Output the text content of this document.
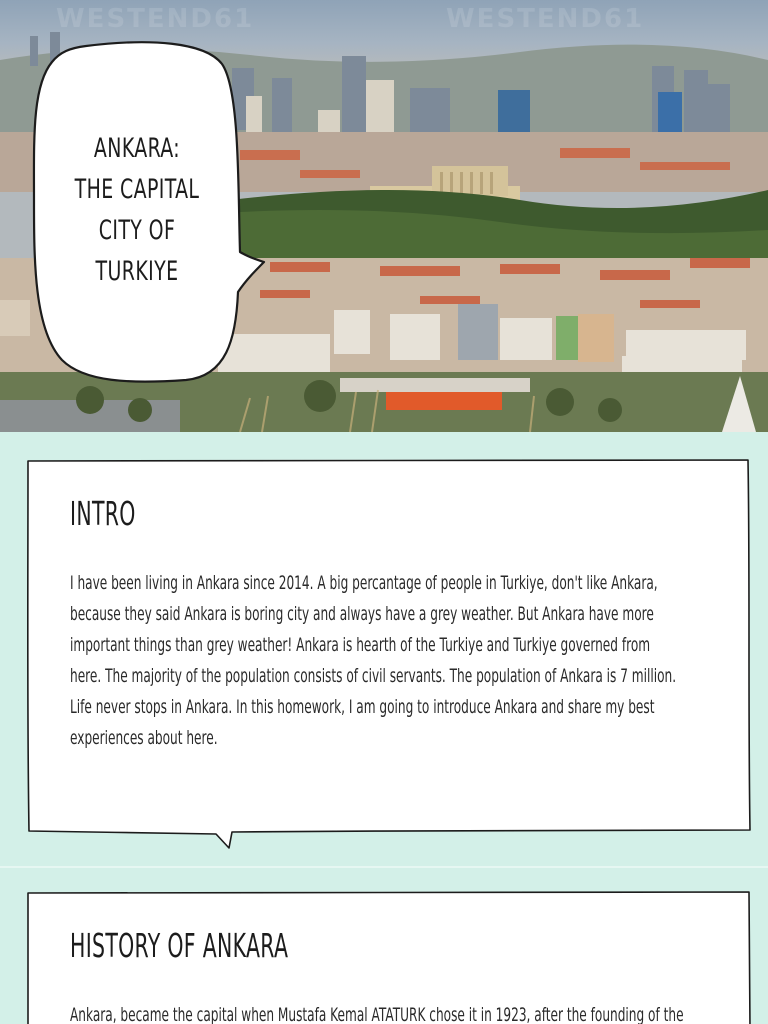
WESTEND61	WESTEND61
ANKARA:
THE CAPITAL
CITY OF
TURKIYE
INTRO

I have been living in Ankara since 2014. A big percantage of people in Turkiye, don't like Ankara,
because they said Ankara is boring city and always have a grey weather. But Ankara have more
important things than grey weather! Ankara is hearth of the Turkiye and Turkiye governed from
here. The majority of the population consists of civil servants. The population of Ankara is 7 million.
Life never stops in Ankara. In this homework, I am going to introduce Ankara and share my best
experiences about here.

HISTORY OF ANKARA

Ankara, became the capital when Mustafa Kemal ATATURK chose it in 1923, after the founding of the
